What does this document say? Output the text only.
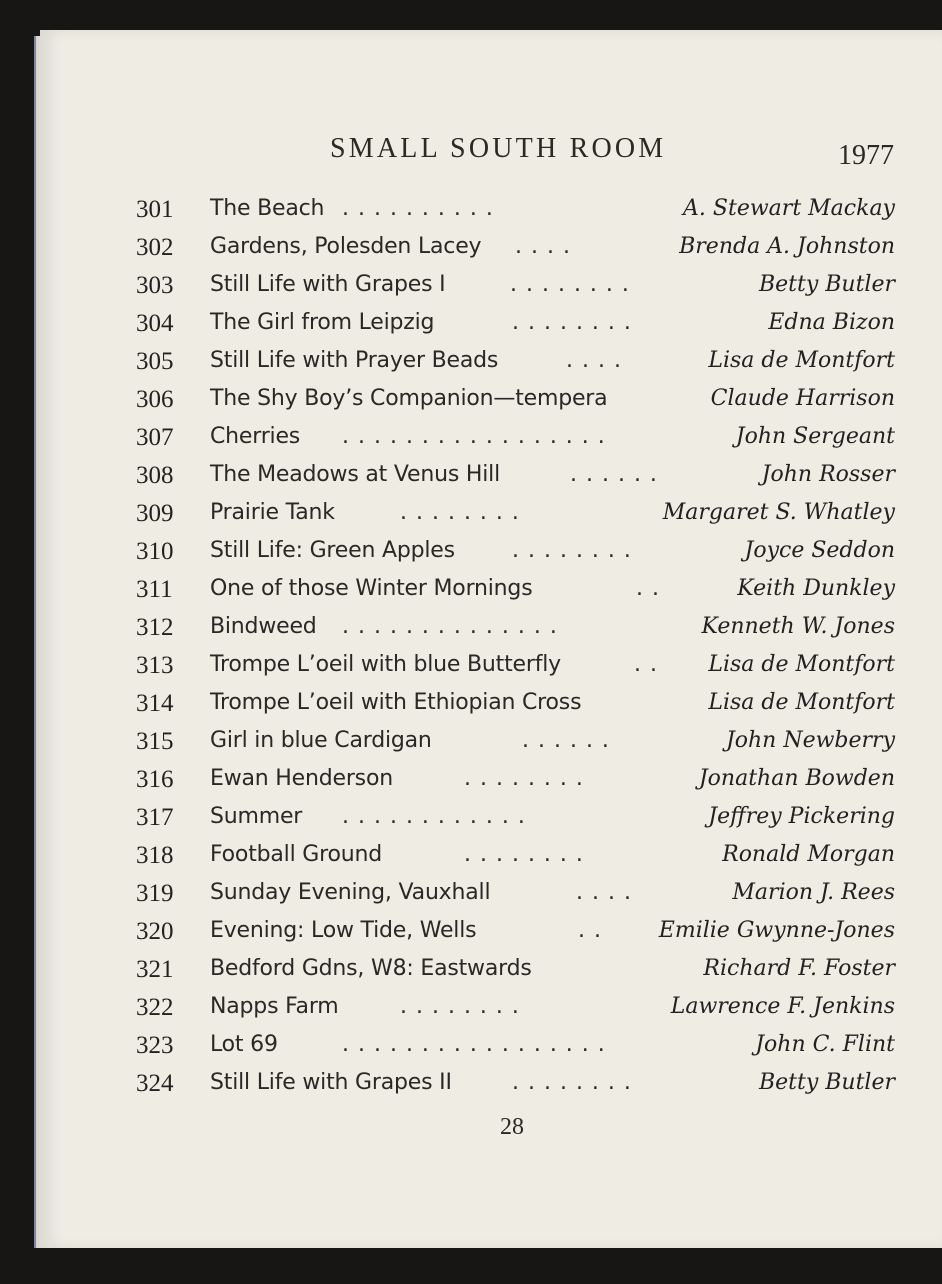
SMALL SOUTH ROOM	1977
301 The Beach . . . . . . . . . .	A. Stewart Mackay
302 Gardens, Polesden Lacey . . . .	Brenda A. Johnston
303 Still Life with Grapes I	. . . . . . . .	Betty Butler
304 The Girl from Leipzig	. . . . . . . .	Edna Bizon
305 Still Life with Prayer Beads	. . . .	Lisa de Montfort
306 The Shy Boy’s Companion—tempera	Claude Harrison
307 Cherries . . . . . . . . . . . . . . . . .	John Sergeant
308 The Meadows at Venus Hill	. . . . . .	John Rosser
309 Prairie Tank	. . . . . . . .	Margaret S. Whatley
310 Still Life: Green Apples	. . . . . . . .	Joyce Seddon
311 One of those Winter Mornings	. .	Keith Dunkley
312 Bindweed . . . . . . . . . . . . . .	Kenneth W. Jones
313 Trompe L’oeil with blue Butterfly	. . Lisa de Montfort
314 Trompe L’oeil with Ethiopian Cross	Lisa de Montfort
315 Girl in blue Cardigan	. . . . . .	John Newberry
316 Ewan Henderson	. . . . . . . .	Jonathan Bowden
317 Summer . . . . . . . . . . . .	Jeffrey Pickering
318 Football Ground	. . . . . . . .	Ronald Morgan
319 Sunday Evening, Vauxhall	. . . .	Marion J. Rees
320 Evening: Low Tide, Wells	. .	Emilie Gwynne-Jones
321 Bedford Gdns, W8: Eastwards	Richard F. Foster
322 Napps Farm	. . . . . . . .	Lawrence F. Jenkins
323 Lot 69	. . . . . . . . . . . . . . . . .	John C. Flint
324 Still Life with Grapes II	. . . . . . . .	Betty Butler
28
